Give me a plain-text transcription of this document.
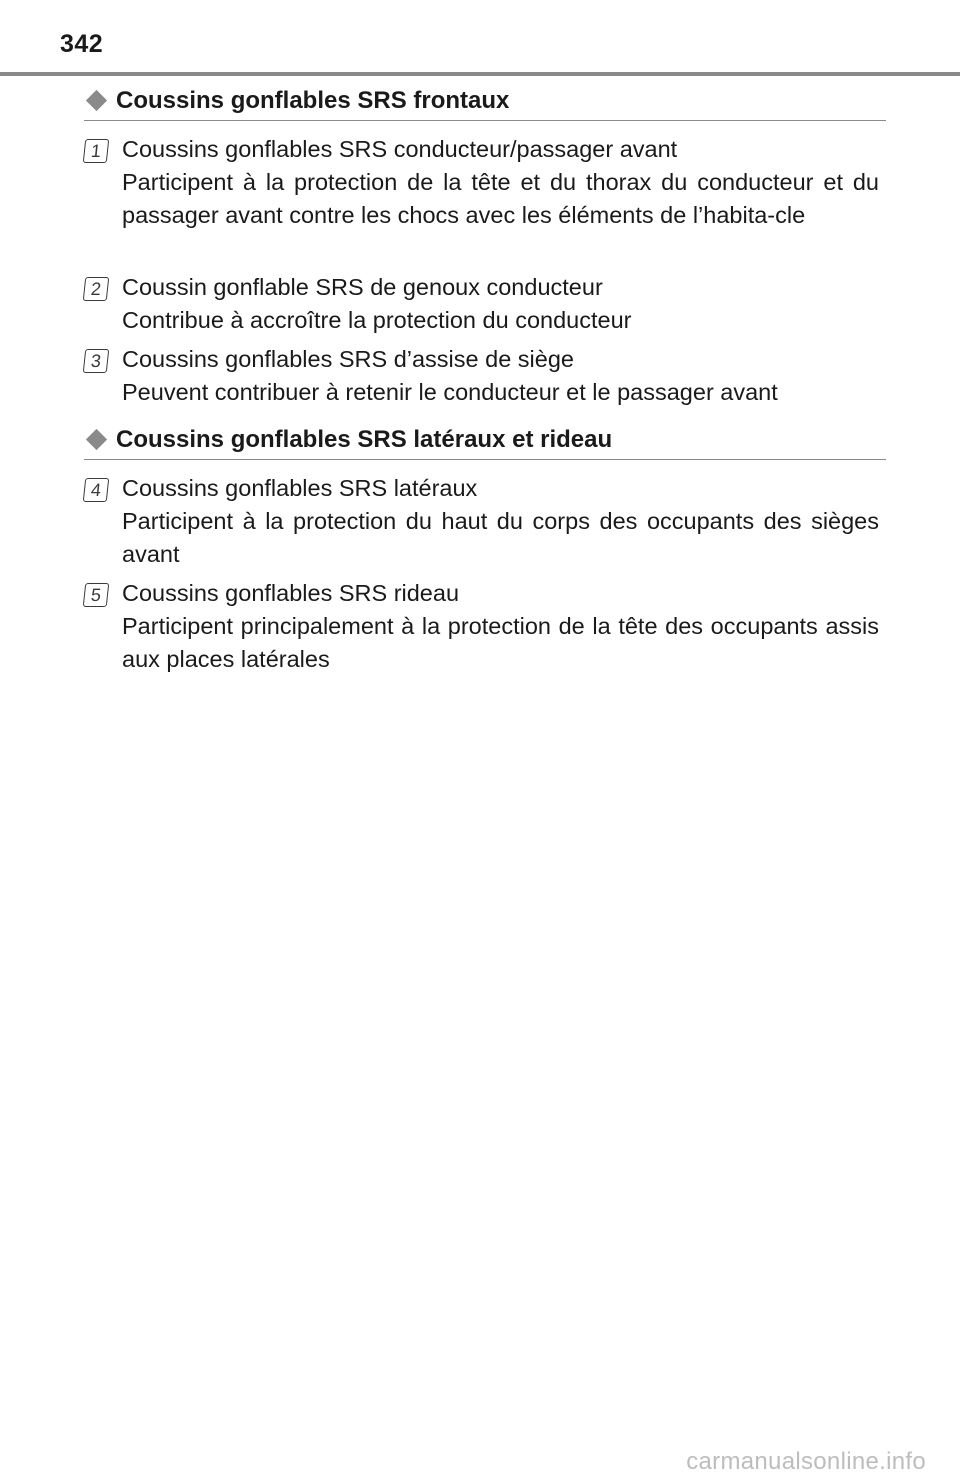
342
Coussins gonflables SRS frontaux
1 Coussins gonflables SRS conducteur/passager avant
Participent à la protection de la tête et du thorax du conducteur et du passager avant contre les chocs avec les éléments de l’habita-cle
2 Coussin gonflable SRS de genoux conducteur
Contribue à accroître la protection du conducteur
3 Coussins gonflables SRS d’assise de siège
Peuvent contribuer à retenir le conducteur et le passager avant
Coussins gonflables SRS latéraux et rideau
4 Coussins gonflables SRS latéraux
Participent à la protection du haut du corps des occupants des sièges avant
5 Coussins gonflables SRS rideau
Participent principalement à la protection de la tête des occupants assis aux places latérales
carmanualsonline.info
